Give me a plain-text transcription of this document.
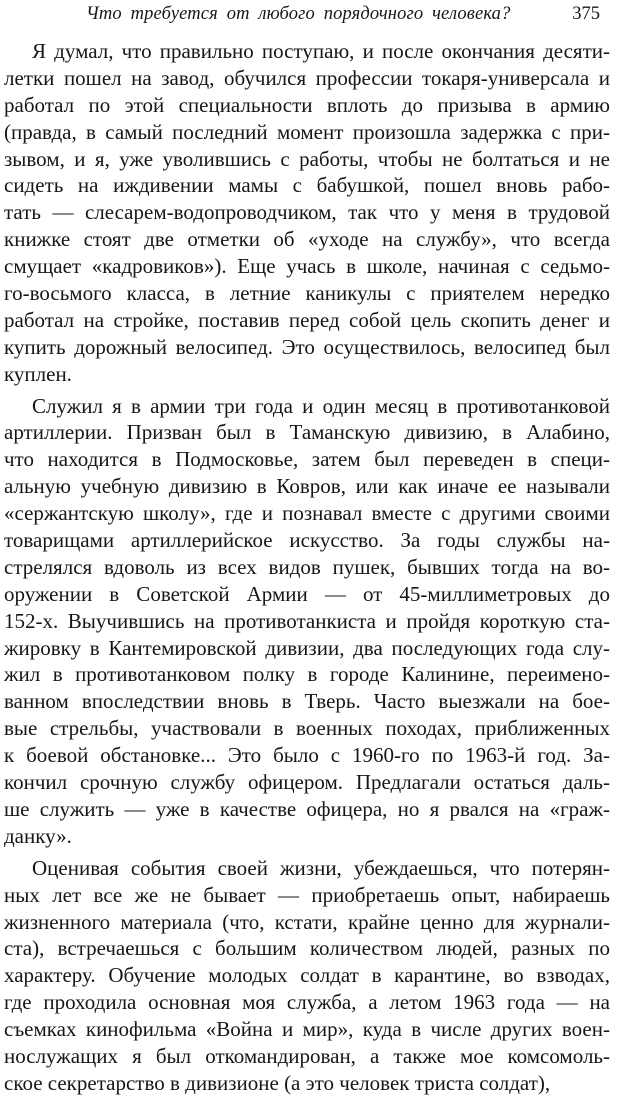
Что требуется от любого порядочного человека?	375
Я думал, что правильно поступаю, и после окончания десяти-
летки пошел на завод, обучился профессии токаря-универсала и
работал по этой специальности вплоть до призыва в армию
(правда, в самый последний момент произошла задержка с при-
зывом, и я, уже уволившись с работы, чтобы не болтаться и не
сидеть на иждивении мамы с бабушкой, пошел вновь рабо-
тать — слесарем-водопроводчиком, так что у меня в трудовой
книжке стоят две отметки об «уходе на службу», что всегда
смущает «кадровиков»). Еще учась в школе, начиная с седьмо-
го-восьмого класса, в летние каникулы с приятелем нередко
работал на стройке, поставив перед собой цель скопить денег и
купить дорожный велосипед. Это осуществилось, велосипед был
куплен.
Служил я в армии три года и один месяц в противотанковой
артиллерии. Призван был в Таманскую дивизию, в Алабино,
что находится в Подмосковье, затем был переведен в специ-
альную учебную дивизию в Ковров, или как иначе ее называли
«сержантскую школу», где и познавал вместе с другими своими
товарищами артиллерийское искусство. За годы службы на-
стрелялся вдоволь из всех видов пушек, бывших тогда на во-
оружении в Советской Армии — от 45-миллиметровых до
152-х. Выучившись на противотанкиста и пройдя короткую ста-
жировку в Кантемировской дивизии, два последующих года слу-
жил в противотанковом полку в городе Калинине, переимено-
ванном впоследствии вновь в Тверь. Часто выезжали на бое-
вые стрельбы, участвовали в военных походах, приближенных
к боевой обстановке... Это было с 1960-го по 1963-й год. За-
кончил срочную службу офицером. Предлагали остаться даль-
ше служить — уже в качестве офицера, но я рвался на «граж-
данку».
Оценивая события своей жизни, убеждаешься, что потерян-
ных лет все же не бывает — приобретаешь опыт, набираешь
жизненного материала (что, кстати, крайне ценно для журнали-
ста), встречаешься с большим количеством людей, разных по
характеру. Обучение молодых солдат в карантине, во взводах,
где проходила основная моя служба, а летом 1963 года — на
съемках кинофильма «Война и мир», куда в числе других воен-
нослужащих я был откомандирован, а также мое комсомоль-
ское секретарство в дивизионе (а это человек триста солдат),
